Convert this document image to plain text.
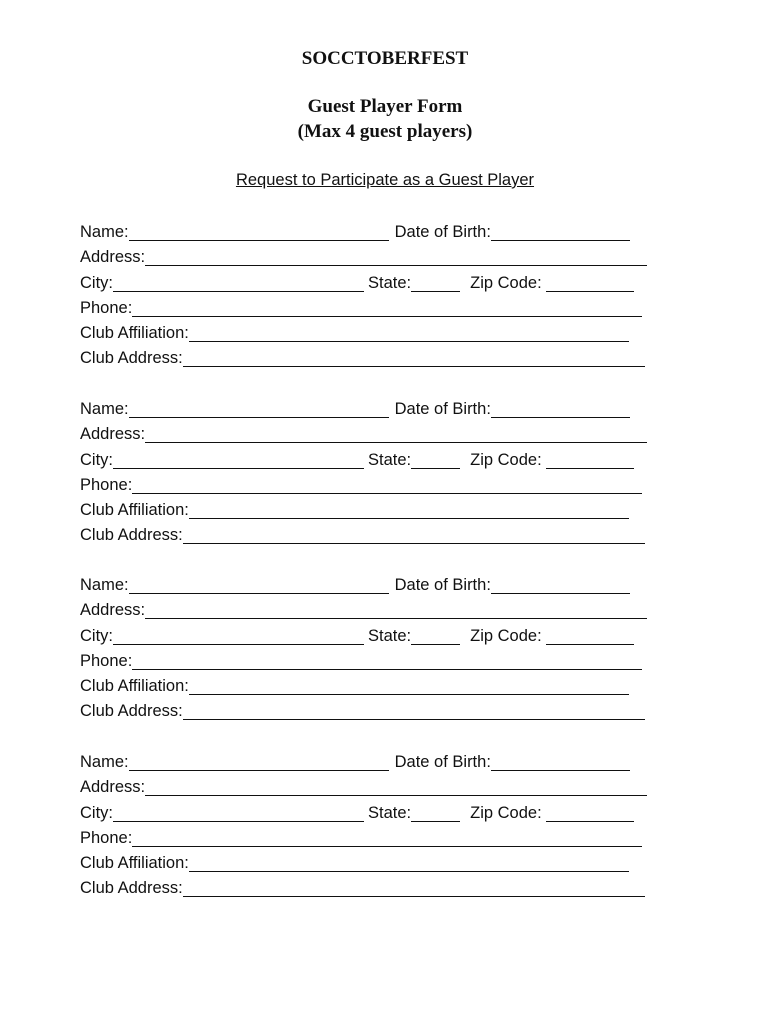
SOCCTOBERFEST
Guest Player Form
(Max 4 guest players)
Request to Participate as a Guest Player
Name:	Date of Birth:
Address:
City:	State:	Zip Code:
Phone:
Club Affiliation:
Club Address:
Name:	Date of Birth:
Address:
City:	State:	Zip Code:
Phone:
Club Affiliation:
Club Address:
Name:	Date of Birth:
Address:
City:	State:	Zip Code:
Phone:
Club Affiliation:
Club Address:
Name:	Date of Birth:
Address:
City:	State:	Zip Code:
Phone:
Club Affiliation:
Club Address:
